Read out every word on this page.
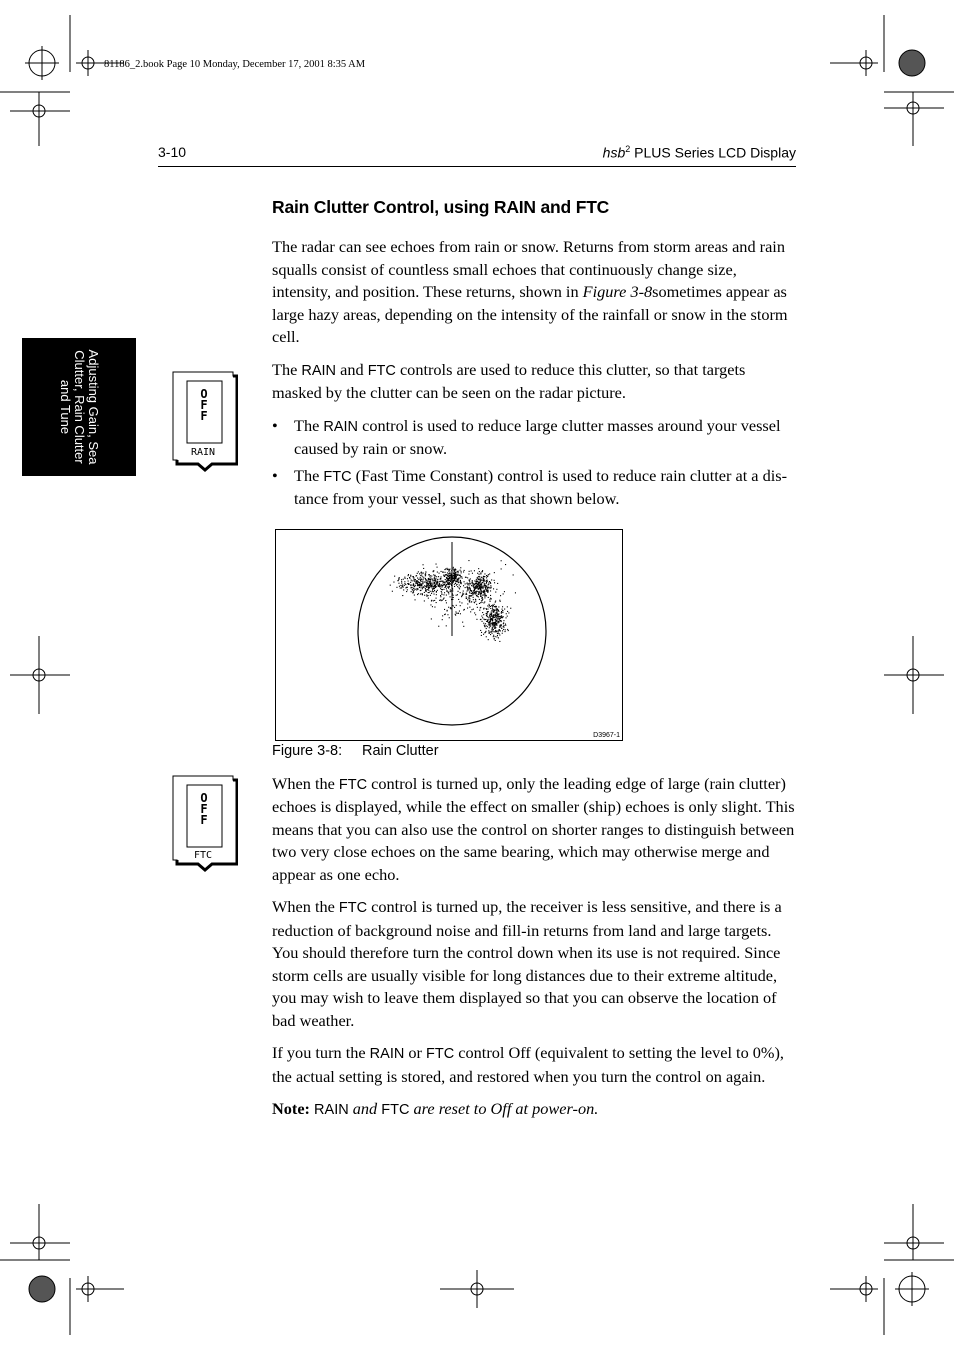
81186_2.book Page 10 Monday, December 17, 2001 8:35 AM
3-10	hsb$^2$ PLUS Series LCD Display
Adjusting Gain, Sea
Clutter, Rain Clutter
and Tune	O
F
F
RAIN
O
F
F
FTC
Rain Clutter Control, using RAIN and FTC

The radar can see echoes from rain or snow. Returns from storm areas and rain squalls consist of countless small echoes that continuously change size, intensity, and position. These returns, shown in Figure 3-8sometimes appear as large hazy areas, depending on the intensity of the rainfall or snow in the storm cell.

The RAIN and FTC controls are used to reduce this clutter, so that targets masked by the clutter can be seen on the radar picture.

• The RAIN control is used to reduce large clutter masses around your vessel caused by rain or snow.
• The FTC (Fast Time Constant) control is used to reduce rain clutter at a dis-tance from your vessel, such as that shown below.
D3967-1
Figure 3-8: Rain Clutter

When the FTC control is turned up, only the leading edge of large (rain clutter) echoes is displayed, while the effect on smaller (ship) echoes is only slight. This means that you can also use the control on shorter ranges to distinguish between two very close echoes on the same bearing, which may otherwise merge and appear as one echo.

When the FTC control is turned up, the receiver is less sensitive, and there is a reduction of background noise and fill-in returns from land and large targets. You should therefore turn the control down when its use is not required. Since storm cells are usually visible for long distances due to their extreme altitude, you may wish to leave them displayed so that you can observe the location of bad weather.

If you turn the RAIN or FTC control Off (equivalent to setting the level to 0%), the actual setting is stored, and restored when you turn the control on again.

Note: RAIN and FTC are reset to Off at power-on.
